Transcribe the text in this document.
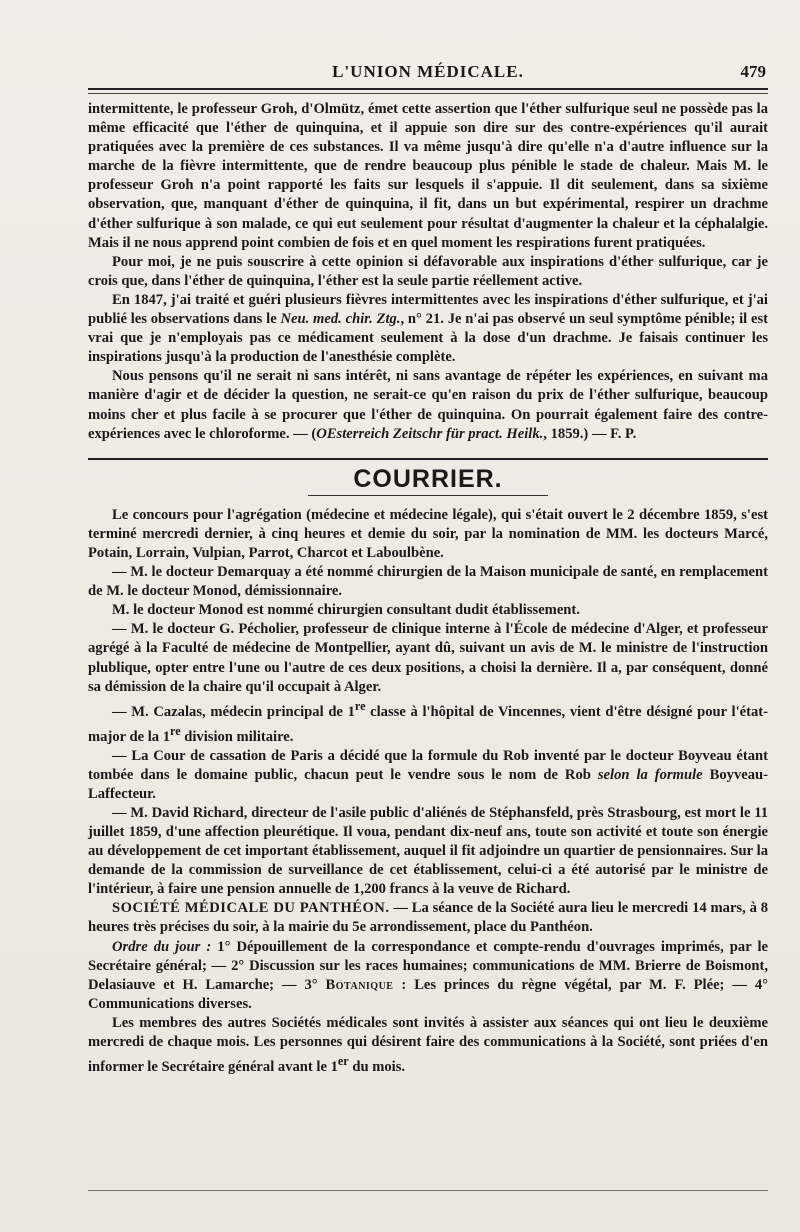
L'UNION MÉDICALE.	479

intermittente, le professeur Groh, d'Olmütz, émet cette assertion que l'éther sulfurique seul ne possède pas la même efficacité que l'éther de quinquina, et il appuie son dire sur des contre-expériences qu'il aurait pratiquées avec la première de ces substances. Il va même jusqu'à dire qu'elle n'a d'autre influence sur la marche de la fièvre intermittente, que de rendre beaucoup plus pénible le stade de chaleur. Mais M. le professeur Groh n'a point rapporté les faits sur lesquels il s'appuie. Il dit seulement, dans sa sixième observation, que, manquant d'éther de quinquina, il fit, dans un but expérimental, respirer un drachme d'éther sulfurique à son malade, ce qui eut seulement pour résultat d'augmenter la chaleur et la céphalalgie. Mais il ne nous apprend point combien de fois et en quel moment les respirations furent pratiquées.

Pour moi, je ne puis souscrire à cette opinion si défavorable aux inspirations d'éther sulfurique, car je crois que, dans l'éther de quinquina, l'éther est la seule partie réellement active.

En 1847, j'ai traité et guéri plusieurs fièvres intermittentes avec les inspirations d'éther sulfurique, et j'ai publié les observations dans le Neu. med. chir. Ztg., n° 21. Je n'ai pas observé un seul symptôme pénible; il est vrai que je n'employais pas ce médicament seulement à la dose d'un drachme. Je faisais continuer les inspirations jusqu'à la production de l'anesthésie complète.

Nous pensons qu'il ne serait ni sans intérêt, ni sans avantage de répéter les expériences, en suivant ma manière d'agir et de décider la question, ne serait-ce qu'en raison du prix de l'éther sulfurique, beaucoup moins cher et plus facile à se procurer que l'éther de quinquina. On pourrait également faire des contre-expériences avec le chloroforme. — (OEsterreich Zeitschr für pract. Heilk., 1859.) — F. P.

COURRIER.

Le concours pour l'agrégation (médecine et médecine légale), qui s'était ouvert le 2 décembre 1859, s'est terminé mercredi dernier, à cinq heures et demie du soir, par la nomination de MM. les docteurs Marcé, Potain, Lorrain, Vulpian, Parrot, Charcot et Laboulbène.

— M. le docteur Demarquay a été nommé chirurgien de la Maison municipale de santé, en remplacement de M. le docteur Monod, démissionnaire.

M. le docteur Monod est nommé chirurgien consultant dudit établissement.

— M. le docteur G. Pécholier, professeur de clinique interne à l'École de médecine d'Alger, et professeur agrégé à la Faculté de médecine de Montpellier, ayant dû, suivant un avis de M. le ministre de l'instruction plublique, opter entre l'une ou l'autre de ces deux positions, a choisi la dernière. Il a, par conséquent, donné sa démission de la chaire qu'il occupait à Alger.

— M. Cazalas, médecin principal de 1re classe à l'hôpital de Vincennes, vient d'être désigné pour l'état-major de la 1re division militaire.

— La Cour de cassation de Paris a décidé que la formule du Rob inventé par le docteur Boyveau étant tombée dans le domaine public, chacun peut le vendre sous le nom de Rob selon la formule Boyveau-Laffecteur.

— M. David Richard, directeur de l'asile public d'aliénés de Stéphansfeld, près Strasbourg, est mort le 11 juillet 1859, d'une affection pleurétique. Il voua, pendant dix-neuf ans, toute son activité et toute son énergie au développement de cet important établissement, auquel il fit adjoindre un quartier de pensionnaires. Sur la demande de la commission de surveillance de cet établissement, celui-ci a été autorisé par le ministre de l'intérieur, à faire une pension annuelle de 1,200 francs à la veuve de Richard.

SOCIÉTÉ MÉDICALE DU PANTHÉON. — La séance de la Société aura lieu le mercredi 14 mars, à 8 heures très précises du soir, à la mairie du 5e arrondissement, place du Panthéon.

Ordre du jour : 1° Dépouillement de la correspondance et compte-rendu d'ouvrages imprimés, par le Secrétaire général; — 2° Discussion sur les races humaines; communications de MM. Brierre de Boismont, Delasiauve et H. Lamarche; — 3° Botanique : Les princes du règne végétal, par M. F. Plée; — 4° Communications diverses.

Les membres des autres Sociétés médicales sont invités à assister aux séances qui ont lieu le deuxième mercredi de chaque mois. Les personnes qui désirent faire des communications à la Société, sont priées d'en informer le Secrétaire général avant le 1er du mois.
